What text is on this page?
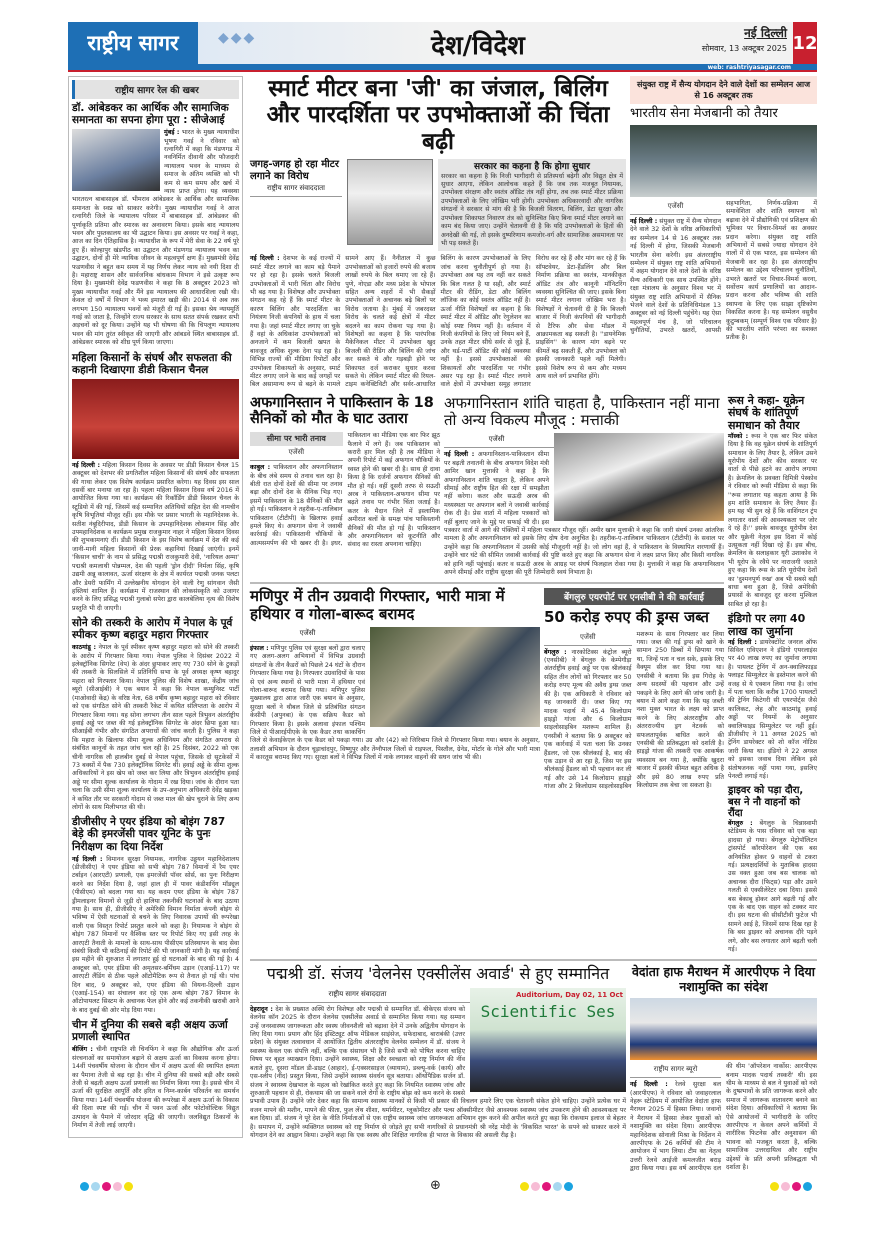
राष्ट्रीय सागर	◆◆◆	देश/विदेश	नई दिल्ली
सोमवार, 13 अक्टूबर 2025 12
web: rashtriyasagar.com
राष्ट्रीय सागर रेल की खबर
डॉ. आंबेडकर का आर्थिक और सामाजिक समानता का सपना होगा पूरा : सीजेआई
मुंबई : भारत के मुख्य न्यायाधीश भूषण गवई ने रविवार को रत्नागिरी में कहा कि मंडणगड में नवनिर्मित दीवानी और फौजदारी न्यायालय भवन के माध्यम से समाज के अंतिम व्यक्ति को भी कम से कम समय और खर्च में न्याय प्राप्त होगा। यह व्यवस्था भारतरत्न बाबासाहब डॉ. भीमराव आंबेडकर के आर्थिक और सामाजिक समानता के स्वप्न को साकार करेगी। मुख्य न्यायाधीश गवई ने आज रत्नागिरी जिले के न्यायालय परिसर में बाबासाहब डॉ. आंबेडकर की पूर्णाकृति प्रतिमा और स्मारक का अनावरण किया। इसके बाद न्यायालय भवन और पुस्तकालय का भी उद्घाटन किया। इस अवसर पर गवई ने कहा, आज का दिन ऐतिहासिक है। न्यायाधीश के रूप में मेरी सेवा के 22 वर्ष पूरे हुए हैं। कोल्हापुर खंडपीठ का उद्घाटन और मंडणगड न्यायालय भवन का उद्घाटन, दोनों ही मेरे न्यायिक जीवन के महत्वपूर्ण क्षण हैं। मुख्यमंत्री देवेंद्र फडणवीस ने बहुत कम समय में यह निर्णय लेकर न्याय को नयी दिशा दी है। महाराष्ट्र शासन और सार्वजनिक बांधकाम विभाग ने इसे उत्कृष्ट रूप दिया है। मुख्यमंत्री देवेंद्र फडणवीस ने कहा कि 8 अक्टूबर 2023 को मुख्य न्यायाधीश गवई और मैंने इस न्यायालय की आधारशिला रखी थी। केवल दो वर्षों में विभाग ने भव्य इमारत खड़ी की। 2014 से अब तक लगभग 150 न्यायालय भवनों को मंजूरी दी गई है। इसका श्रेय न्यायमूर्ति गवई को जाता है, जिन्होंने राज्य सरकार के साथ सतत संपर्क रखकर सभी अड़चनों को दूर किया। उन्होंने यह भी घोषणा की कि चिपलूण न्यायालय भवन की मांग तुरंत स्वीकृत की जाएगी और आंबडवे स्थित बाबासाहब डॉ. आंबेडकर स्मारक को शीघ्र पूर्ण किया जाएगा।
महिला किसानों के संघर्ष और सफलता की कहानी दिखाएगा डीडी किसान चैनल
नई दिल्ली : महिला किसान दिवस के अवसर पर डीडी किसान चैनल 15 अक्टूबर को देशभर की प्रगतिशील महिला किसानों की संघर्ष और सफलता की गाथा लेकर एक विशेष कार्यक्रम प्रसारित करेगा। यह दिवस इस साल दसवीं बार मनाया जा रहा है। पहला महिला किसान दिवस वर्ष 2016 में आयोजित किया गया था। कार्यक्रम की रिकॉर्डिंग डीडी किसान चैनल के स्टूडियो में की गई, जिसमें कई सम्मानित अतिथियों सहित देश की नामचीन कृषि विभूतियां मौजूद रहीं। इस मौके पर प्रसार भारती के महानिदेशक के. सतीश नंबूदिरीपाद, डीडी किसान के उपमहानिदेशक लोकमान सिंह और उपमहानिदेशक व कार्यक्रम प्रमुख राजकुमार नाहर ने महिला किसान दिवस की शुभकामनाएं दीं। डीडी किसान के इस विशेष कार्यक्रम में देश की कई जानी-मानी महिला किसानों की प्रेरक कहानियां दिखाई जाएंगी। इनमें 'किसान चाची' के नाम से प्रसिद्ध पद्मश्री राजकुमारी देवी, 'नारियल अम्मा' पद्मश्री कमलाथी पोन्नम्मल, देश की पहली 'ड्रोन दीदी' निर्मला सिंह, कृषि उद्यमी अन्नू कालावत, ऊर्जा संरक्षण के क्षेत्र में कार्यरत पद्मश्री जनक पलटा और डेयरी फार्मिंग में उल्लेखनीय योगदान देने वाली रेणु सांगवान जैसी हस्तियां शामिल हैं। कार्यक्रम में राजस्थान की लोकसंस्कृति को उजागर करने के लिए प्रसिद्ध पद्मश्री गुलाबो सपेरा द्वारा कालबेलिया नृत्य की विशेष प्रस्तुति भी दी जाएगी।
सोने की तस्करी के आरोप में नेपाल के पूर्व स्पीकर कृष्ण बहादुर महारा गिरफ्तार
काठमांडू : नेपाल के पूर्व स्पीकर कृष्ण बहादुर महारा को सोने की तस्करी के आरोप में गिरफ्तार किया गया। नेपाल पुलिस ने दिसंबर 2022 में इलेक्ट्रॉनिक सिगरेट (वेप) के अंदर छुपाकर लाए गए 730 सोने के टुकड़ों की तस्करी के सिलसिले में प्रतिनिधि सभा के पूर्व अध्यक्ष कृष्ण बहादुर महारा को गिरफ्तार किया। नेपाल पुलिस की विशेष शाखा, केंद्रीय जांच ब्यूरो (सीआईबी) ने एक बयान में कहा कि नेपाल कम्युनिस्ट पार्टी (माओवादी केंद्र) के वरिष्ठ नेता, 68 वर्षीय कृष्ण बहादुर महारा को रविवार को एक संगठित सोने की तस्करी रैकेट में कथित संलिप्तता के आरोप में गिरफ्तार किया गया। यह सोना लगभग तीन साल पहले त्रिभुवन अंतर्राष्ट्रीय हवाई अड्डे पर जब्त की गई इलेक्ट्रॉनिक सिगरेट के अंदर छिपा हुआ था। सीआईबी गंभीर और संगठित अपराधों की जांच करती है। पुलिस ने कहा कि महारा के खिलाफ सीमा शुल्क अधिनियम और संगठित अपराध से संबंधित कानूनों के तहत जांच चल रही है। 25 दिसंबर, 2022 को एक चीनी नागरिक लौ हालबीन दुबई से नेपाल पहुंचा, जिसके दो सूटकेसों में 73 बक्सों में पैक 730 इलेक्ट्रॉनिक सिगरेट थीं। हवाई अड्डे के सीमा शुल्क अधिकारियों ने इस खेप को जब्त कर लिया और त्रिभुवन अंतर्राष्ट्रीय हवाई अड्डे पर सीमा शुल्क कार्यालय के गोदाम में रख दिया। जांच के दौरान पता चला कि उसी सीमा शुल्क कार्यालय के उप-अनुभाग अधिकारी देवेंद्र खड़का ने कथित तौर पर सरकारी गोदाम से जब्त माल की खेप चुराने के लिए अन्य लोगों के साथ मिलीभगत की थी।
डीजीसीए ने एयर इंडिया को बोइंग 787 बेड़े की इमरजेंसी पावर यूनिट के पुनः निरीक्षण का दिया निर्देश
नई दिल्ली : विमानन सुरक्षा नियामक, नागरिक उड्डयन महानिदेशालय (डीजीसीए) ने एयर इंडिया को सभी बोइंग 787 विमानों में रैम एयर टर्बाइन (आरएटी) प्रणाली, एक इमरजेंसी पॉवर सोर्स, का पुनः निरीक्षण करने का निर्देश दिया है, जहां हाल ही में पावर कंडीशनिंग मॉड्यूल (पीसीएम) को बदला गया था। यह कदम एयर इंडिया के बोइंग 787 ड्रीमलाइनर विमानों से जुड़ी दो हालिया तकनीकी घटनाओं के बाद उठाया गया है। साथ ही, डीजीसीए ने अमेरिकी विमान निर्माता कंपनी बोइंग से भविष्य में ऐसी घटनाओं से बचने के लिए निवारक उपायों की रूपरेखा वाली एक विस्तृत रिपोर्ट प्रस्तुत करने को कहा है। नियामक ने बोइंग से बोइंग 787 विमानों पर वैश्विक स्तर पर रिपोर्ट किए गए इसी तरह के आरएटी तैनाती के मामलों के साथ-साथ पीसीएम प्रतिस्थापन के बाद सेवा संबंधी किसी भी कठिनाई की रिपोर्ट की भी जानकारी मांगी है। यह कार्रवाई इस महीने की शुरुआत में लगातार हुई दो घटनाओं के बाद की गई है। 4 अक्टूबर को, एयर इंडिया की अमृतसर-बर्मिंघम उड़ान (एआई-117) पर आरएटी लैंडिंग से ठीक पहले ऑटोमैटिक रूप से तैनात हो गई थी। पांच दिन बाद, 9 अक्टूबर को, एयर इंडिया की वियना-दिल्ली उड़ान (एआई-154) का संचालन कर रहे एक अन्य बोइंग 787 विमान के ऑटोपायलट सिस्टम के अचानक फेल होने और कई तकनीकी खराबी आने के बाद दुबई की ओर मोड़ दिया गया।
चीन में दुनिया की सबसे बड़ी अक्षय ऊर्जा प्रणाली स्थापित
बीजिंग : चीनी राष्ट्रपति शी चिनफिंग ने कहा कि औद्योगिक और ऊर्जा संरचनाओं का समायोजन बढ़ाने से अक्षय ऊर्जा का विकास करना होगा। 14वीं पंचवर्षीय योजना के दौरान चीन में अक्षय ऊर्जा की स्थापित क्षमता का पैमाना तेजी से बढ़ रहा है। चीन में दुनिया की सबसे बड़ी और सबसे तेजी से बढ़ती अक्षय ऊर्जा प्रणाली का निर्माण किया गया है। इससे चीन में ऊर्जा की सुरक्षित आपूर्ति और हरित व निम्न-कार्बन परिवर्तन का समर्थन किया गया। 14वीं पंचवर्षीय योजना की रूपरेखा में अक्षय ऊर्जा के विकास की दिशा स्पष्ट की गई। चीन में पवन ऊर्जा और फोटोवोल्टिक विद्युत उत्पादन के पैमाने में जोरदार वृद्धि की जाएगी। जलविद्युत ठिकानों के निर्माण में तेजी लाई जाएगी।
स्मार्ट मीटर बना 'जी' का जंजाल, बिलिंग और पारदर्शिता पर उपभोक्ताओं की चिंता बढ़ी
जगह-जगह हो रहा मीटर लगाने का विरोध
राष्ट्रीय सागर संवाददाता
सरकार का कहना है कि होगा सुधार
सरकार का कहना है कि निजी भागीदारी से प्रतिस्पर्धा बढ़ेगी और विद्युत क्षेत्र में सुधार आएगा, लेकिन आलोचक कहते हैं कि जब तक मजबूत नियामक, उपभोक्ता संरक्षण और स्वतंत्र ऑडिट तंत्र नहीं होगा, तब तक स्मार्ट मीटर प्रक्रिया उपभोक्ताओं के लिए जोखिम भरी होगी। उपभोक्ता अधिकारवादी और नागरिक संगठनों ने सरकार से मांग की है कि बिजली वितरण, बिलिंग, डेटा सुरक्षा और उपभोक्ता शिकायत निवारण तंत्र को सुनिश्चित किए बिना स्मार्ट मीटर लगाने का काम बंद किया जाए। उन्होंने चेतावनी दी है कि यदि उपभोक्ताओं के हितों की अनदेखी की गई, तो इसके दुष्परिणाम कमजोर-वर्ग और सामाजिक असमानता पर भी पड़ सकते हैं।
नई दिल्ली : देशभर के कई राज्यों में स्मार्ट मीटर लगाने का काम बड़े पैमाने पर हो रहा है। इसके चलते बिजली उपभोक्ताओं में भारी चिंता और विरोध भी बढ़ गया है। विशेषज्ञ और उपभोक्ता संगठन कह रहे हैं कि स्मार्ट मीटर के कारण बिलिंग और पारदर्शिता का नियंत्रण निजी कंपनियों के हाथ में चला गया है। जहां स्मार्ट मीटर लगाए जा चुके हैं वहां के अधिकांश उपभोक्ताओं को अनजाने में कम बिजली खपत के बावजूद अधिक शुल्क देना पड़ रहा है। विभिन्न राज्यों की मीडिया रिपोर्टों और उपभोक्ता शिकायतों के अनुसार, स्मार्ट मीटर लगाए जाने के बाद कई जगहों पर बिल असामान्य रूप से बढ़ने के मामले सामने आए हैं। नैनीताल में कुछ उपभोक्ताओं को हजारों रुपये की बजाय लाखों रुपये के बिल थमाए जा रहे हैं। पुणे, नोएडा और मध्य प्रदेश के भोपाल सहित अन्य शहरों में भी सैकड़ों उपभोक्ताओं ने अचानक बढ़े बिलों पर विरोध जताया है। मुंबई में जबरदस्त विरोध के चलते कई क्षेत्रों में मीटर बदलने का काम रोकना पड़ गया है। विशेषज्ञों का कहना है कि पारंपरिक मैकेनिकल मीटर में उपभोक्ता खुद बिजली की रीडिंग और बिलिंग की जांच कर सकते थे और गड़बड़ी होने पर शिकायत दर्ज कराकर सुधार करवा सकते थे। लेकिन स्मार्ट मीटर की रियल-टाइम कनेक्टिविटी और सर्वर-आधारित बिलिंग के कारण उपभोक्ताओं के लिए जांच करना चुनौतीपूर्ण हो गया है। उपभोक्ता अब यह तय नहीं कर सकते कि बिल गलत है या सही, और स्मार्ट मीटर की रीडिंग, डेटा और बिलिंग लॉजिक का कोई स्वतंत्र ऑडिट नहीं है। ऊर्जा नीति विशेषज्ञों का कहना है कि स्मार्ट मीटर में ऑडिट और रेगुलेशन का कोई स्पष्ट नियम नहीं है। वर्तमान में निजी कंपनियों के लिए जो नियम बने हैं, उनके तहत मीटर सीधे सर्वर से जुड़े हैं, और थर्ड-पार्टी ऑडिट की कोई व्यवस्था नहीं है। इससे उपभोक्ताओं की शिकायतों और पारदर्शिता पर गंभीर असर पड़ रहा है। स्मार्ट मीटर लगाने वाले क्षेत्रों में उपभोक्ता समूह लगातार विरोध कर रहे हैं और मांग कर रहे हैं कि सॉफ्टवेयर, डेटा-हैंडलिंग और बिल निर्माण प्रक्रिया का स्वतंत्र, मानकीकृत ऑडिट तंत्र और कानूनी मॉनिटरिंग व्यवस्था सुनिश्चित की जाए। इसके बिना स्मार्ट मीटर लगाना जोखिम भरा है। विशेषज्ञों ने चेतावनी दी है कि बिजली बाजार में निजी कंपनियों की भागीदारी से टैरिफ और सेवा मॉडल में आक्रामकता बढ़ सकती है। ''डायनेमिक प्राइसिंग'' के कारण मांग बढ़ने पर कीमतें बढ़ सकती हैं, और उपभोक्ता को इसकी जानकारी पहले नहीं मिलेगी। इससे विशेष रूप से कम और मध्यम आय वाले वर्ग प्रभावित होंगे।
संयुक्त राष्ट्र में सैन्य योगदान देने वाले देशों का सम्मेलन आज से 16 अक्टूबर तक
भारतीय सेना मेजबानी को तैयार
एजेंसी
नई दिल्ली : संयुक्त राष्ट्र में सैन्य योगदान देने वाले 32 देशों के वरिष्ठ अधिकारियों का सम्मेलन 14 से 16 अक्टूबर तक नई दिल्ली में होगा, जिसकी मेजबानी भारतीय सेना करेगी। इस अंतरराष्ट्रीय सम्मेलन में संयुक्त राष्ट्र शांति अभियानों में अहम योगदान देने वाले देशों के वरिष्ठ सैन्य अधिकारी एक साथ उपस्थित होंगे। रक्षा मंत्रालय के अनुसार विश्व भर में संयुक्त राष्ट्र शांति अभियानों में सैनिक भेजने वाले देशों के प्रतिनिधिमंडल 13 अक्टूबर को नई दिल्ली पहुंचेंगे। यह ऐसा महत्वपूर्ण मंच है, जो परिचालन चुनौतियों, उभरते खतरों, आपसी सहभागिता, निर्णय-प्रक्रिया में समावेशिता और शांति स्थापना को बढ़ावा देने में प्रौद्योगिकी एवं प्रशिक्षण की भूमिका पर विचार-विमर्श का अवसर प्रदान करेगा। संयुक्त राष्ट्र शांति अभियानों में सबसे ज्यादा योगदान देने वालों में से एक भारत, इस सम्मेलन की मेजबानी कर रहा है। इस अंतरराष्ट्रीय सम्मेलन का उद्देश्य परिचालन चुनौतियों, उभरते खतरों पर विचार-विमर्श करना, सर्वोत्तम कार्य प्रणालियों का आदान-प्रदान करना और भविष्य की शांति स्थापना के लिए एक साझा दृष्टिकोण विकसित करना है। यह सम्मेलन वसुधैव कुटुम्बकम् (सम्पूर्ण विश्व एक परिवार है) की भारतीय शांति परंपरा का सशक्त प्रतीक है।
अफगानिस्तान ने पाकिस्तान के 18 सैनिकों को मौत के घाट उतारा
सीमा पर भारी तनाव
एजेंसी
काबुल : पाकिस्तान और अफगानिस्तान के बीच लंबे समय से तनाव चल रहा है। बीती रात दोनों देशों की सीमा पर तनाव बढ़ा और दोनों देश के सैनिक भिड़ गए। इसमें पाकिस्तान के 18 सैनिकों की मौत हो गई। पाकिस्तान ने तहरीक-ए-तालिबान पाकिस्तान (टीटीपी) के खिलाफ हवाई हमले किए थे। अफगान सेना ने जवाबी कार्रवाई की। पाकिस्तानी चौकियों के आत्मसमर्पण की भी खबर दी है। इधर, पाकिस्तान का मीडिया एक बार फिर झूठ फैलाने में लगे हैं। जब पाकिस्तान को करारी हार मिल रही है तब मीडिया ने अपनी रिपोर्ट में कई अफगान चौकियों के ध्वस्त होने की खबर दी है। साथ ही दावा किया है कि दर्जनों अफगान सैनिकों की मौत हो गई। वहीं दूसरी तरफ से सऊदी अरब ने पाकिस्तान-अफगान सीमा पर बढ़ते तनाव पर गंभीर चिंता जताई है। कतर के मैदान जिले में इस्लामिक अमीरात बलों के समक्ष पांच पाकिस्तानी सैनिकों की मौत हो गई है। पाकिस्तान और अफगानिस्तान को कूटनीति और संवाद का रास्ता अपनाना चाहिए।
अफगानिस्तान शांति चाहता है, पाकिस्तान नहीं माना तो अन्य विकल्प मौजूद : मत्ताकी
एजेंसी
नई दिल्ली : अफगानिस्तान-पाकिस्तान सीमा पर बढ़ती तनातनी के बीच अफगान विदेश मंत्री आमिर खान मुत्ताकी ने कहा है कि अफगानिस्तान शांति चाहता है, लेकिन अपने सीमाई और राष्ट्रीय हित की रक्षा में समझौता नहीं करेगा। कतर और सऊदी अरब की मध्यस्थता पर अफगान बलों ने जवाबी कार्रवाई रोक दी है। प्रेस वार्ता में महिला पत्रकारों को नहीं बुलाए जाने के मुद्दे पर सफाई भी दी। इस पत्रकार वार्ता में आगे की पंक्तियों में महिला पत्रकार मौजूद रहीं। अमीर खान मुत्ताकी ने कहा कि जारी संघर्ष उनका आंतरिक मामला है और अफगानिस्तान को इसके लिए दोष देना अनुचित है। तहरीक-ए-तालिबान पाकिस्तान (टीटीपी) के सवाल पर उन्होंने कहा कि अफगानिस्तान में उसकी कोई मौजूदगी नहीं है। जो लोग वहां हैं, वे पाकिस्तान के विस्थापित शरणार्थी हैं। उन्होंने चार घंटे की सीमित जवाबी कार्रवाई की पुष्टि करते हुए कहा कि अफगान सेना ने लक्ष्य प्राप्त किए और किसी नागरिक को हानि नहीं पहुंचाई। कतर व सऊदी अरब के आग्रह पर संघर्ष फिलहाल रोका गया है। मुत्ताकी ने कहा कि अफगानिस्तान अपने सीमाई और राष्ट्रीय सुरक्षा की पूरी जिम्मेदारी स्वयं निभाता है।
मणिपुर में तीन उग्रवादी गिरफ्तार, भारी मात्रा में हथियार व गोला-बारूद बरामद
एजेंसी
इंफाल : मणिपुर पुलिस एवं सुरक्षा बलों द्वारा चलाए गए अलग-अलग अभियानों में विभिन्न उग्रवादी संगठनों के तीन कैडरों को पिछले 24 घंटों के दौरान गिरफ्तार किया गया है। गिरफ्तार उग्रवादियों के पास से एवं अन्य स्थानों से भारी मात्रा में हथियार एवं गोला-बारूद बरामद किया गया। मणिपुर पुलिस मुख्यालय द्वारा आज जारी एक बयान के अनुसार, सुरक्षा बलों ने थौबल जिले से प्रतिबंधित संगठन केसीपी (अपुनबा) के एक सक्रिय कैडर को गिरफ्तार किया है। इसके अलावा इंफाल पश्चिम जिले से पीआरईपीएके के एक कैडर तथा काकचिंग जिले से केवाईकेएल के एक कैडर को पकड़ा गया। उग्र और (42) को जिरिबाम जिले से गिरफ्तार किया गया। बयान के अनुसार, तलाशी अभियान के दौरान चूड़ाचांदपुर, विष्णुपुर और तेंग्नौपाल जिलों से राइफल, पिस्तौल, ग्रेनेड, मोर्टार के गोले और भारी मात्रा में कारतूस बरामद किए गए। सुरक्षा बलों ने विभिन्न जिलों में नाके लगाकर वाहनों की सघन जांच भी की।
बेंगलुरु एयरपोर्ट पर एनसीबी ने की कार्रवाई
50 करोड़ रुपए की ड्रग्स जब्त
एजेंसी
बेंगलुरु : नारकोटिक्स कंट्रोल ब्यूरो (एनसीबी) ने बेंगलुरु के केम्पेगौड़ा अंतर्राष्ट्रीय हवाई अड्डे पर एक श्रीलंकाई सहित तीन लोगों को गिरफ्तार कर 50 करोड़ रुपए मूल्य की अवैध ड्रग्स जब्त की है। एक अधिकारी ने रविवार को यह जानकारी दी। जब्त किए गए मादक पदार्थ में 45.4 किलोग्राम हाइड्रो गांजा और 6 किलोग्राम साइलोसाइबिन मशरूम शामिल हैं। एनसीबी ने बताया कि 9 अक्टूबर को एक कार्रवाई में पता चला कि उनका हैंडलर, जो एक श्रीलंकाई है, बाद की एक उड़ान से आ रहा है, जिस पर इस श्रीलंकाई हैंडलर को भी पहचान कर ली गई और उसे 14 किलोग्राम हाइड्रो गांजा और 2 किलोग्राम साइलोसाइबिन मशरूम के साथ गिरफ्तार कर लिया गया। जब्त की गई ड्रग्स को खाने के सामान 250 डिब्बों में छिपाया गया था, जिन्हें पता न चल सके, इसके लिए वैक्यूम सील कर दिया गया था। एनसीबी ने बताया कि इस गिरोह के अन्य सदस्यों की पहचान और उन्हें पकड़ने के लिए आगे की जांच जारी है। बयान में आगे कहा गया कि यह जब्ती नशा मुक्त भारत के लक्ष्य को प्राप्त करने के लिए अंतरराष्ट्रीय और अंतरराज्यीय ड्रग नेटवर्क को सफलतापूर्वक बाधित करने की एनसीबी की प्रतिबद्धता को दर्शाती है। हाइड्रो गांजा की तस्करी एक आकर्षक व्यवसाय बन गया है, क्योंकि खुदरा बाजार में इसकी कीमत बहुत अधिक है और इसे 80 लाख रुपए प्रति किलोग्राम तक बेचा जा सकता है।
रूस ने कहा- यूक्रेन संघर्ष के शांतिपूर्ण समाधान को तैयार
मॉस्को : रूस ने एक बार फिर संकेत दिया है कि वह यूक्रेन संघर्ष के शांतिपूर्ण समाधान के लिए तैयार है, लेकिन उसने यूरोपीय देशों और कीव सरकार पर वार्ता से पीछे हटने का आरोप लगाया है। क्रेमलिन के प्रवक्ता दिमित्री पेस्कोव ने रविवार को रूसी मीडिया से कहा कि ''रूस लगातार यह कहता आया है कि हम शांति समाधान के लिए तैयार हैं। हम यह भी सुन रहे हैं कि वाशिंगटन ट्रंप लगातार वार्ता की आवश्यकता पर जोर दे रहे हैं।'' इसके बावजूद यूरोपीय देश और यूक्रेनी नेतृत्व इस दिशा में कोई उत्सुकता नहीं दिखा रहे हैं। इस बीच, क्रेमलिन के सलाहकार यूरी उशाकोव ने भी यूरोप के रवैये पर नाराजगी जताते हुए कहा कि रूस के प्रति यूरोपीय देशों का 'दुश्मनपूर्ण रुख' अब भी सबसे बड़ी बाधा बना हुआ है, जिसे अमेरिकी प्रयासों के बावजूद दूर करना मुश्किल साबित हो रहा है।
इंडिगो पर लगा 40 लाख का जुर्माना
नई दिल्ली : डायरेक्टोरेट जनरल ऑफ सिविल एविएशन ने इंडिगो एयरलाइंस पर 40 लाख रुपए का जुर्माना लगाया है। पायलट ट्रेनिंग में अन-क्वालिफाइड फ्लाइट सिम्युलेटर के इस्तेमाल करने की वजह से ये एक्शन लिया गया है। जांच में पता चला कि करीब 1700 पायलटों की ट्रेनिंग किटेगरी सी एयरपोर्ट्स जैसे कालिकट, लेह और काठमांडू हवाई अड्डों पर नियमों के अनुसार क्वालिफाइड सिम्युलेटर पर नहीं हुई। डीजीसीए ने 11 अगस्त 2025 को ट्रेनिंग डायरेक्टर को शो कॉज नोटिस जारी किया था। इंडिगो ने 22 अगस्त को इसका जवाब दिया लेकिन इसे संतोषजनक नहीं पाया गया, इसलिए पेनल्टी लगाई गई।
ड्राइवर को पड़ा दौरा, बस ने नौ वाहनों को रौंदा
बेंगलुरु : बेंगलुरु के चिन्नास्वामी स्टेडियम के पास रविवार को एक बड़ा हादसा हो गया। बेंगलुरु मेट्रोपॉलिटन ट्रांसपोर्ट कॉरपोरेशन की एक बस अनियंत्रित होकर 9 वाहनों से टकरा गई। प्रत्यक्षदर्शियों के मुताबिक हादसा उस वक्त हुआ जब बस चालक को अचानक दौरा (फिट्स) पड़ा और उसने गलती से एक्सीलेरेटर दबा दिया। इससे बस बेकाबू होकर आगे बढ़ती गई और एक के बाद एक वाहन को टक्कर मार दी। इस घटना की सीसीटीवी फुटेज भी सामने आई है, जिसमें साफ दिख रहा है कि बस ड्राइवर को अचानक दौरे पड़ने लगे, और बस लगातार आगे बढ़ती चली गई।
पद्मश्री डॉ. संजय 'वेलनेस एक्सीलेंस अवार्ड' से हुए सम्मानित
Auditorium, Day 02, 11 Oct
Scientific Ses
राष्ट्रीय सागर संवाददाता
देहरादून : देश के प्रख्यात अस्थि रोग विशेषज्ञ और पद्मश्री से सम्मानित डॉ. बीकेएस संजय को वेलनेस कॉन 2025 के दौरान वेलनेस एक्सीलेंस अवार्ड से सम्मानित किया गया। यह सम्मान उन्हें जनस्वास्थ्य जागरूकता और स्वस्थ जीवनशैली को बढ़ावा देने में उनके अद्वितीय योगदान के लिए दिया गया। प्रयाग और हिंद इंस्टिट्यूट ऑफ मेडिकल साइंसेज, सफेदाबाद, बाराबंकी (उत्तर प्रदेश) के संयुक्त तत्वावधान में आयोजित द्वितीय अंतरराष्ट्रीय वेलनेस सम्मेलन में डॉ. संजय ने स्वास्थ्य केवल एक संपत्ति नहीं, बल्कि एक संसाधन भी है जिसे सभी को पोषित करना चाहिए विषय पर बृहत व्याख्यान दिया। उन्होंने स्वास्थ्य, शिक्षा और स्वच्छता को राष्ट्र निर्माण की नींव बताते हुए, दूसरा मॉडल डी-डाइट (आहार), ई-एक्सरसाइज (व्यायाम), डब्ल्यू-वर्क (कार्य) और एस-स्लीप (नींद) प्रस्तुत किया, जिसे उन्होंने स्वास्थ्य संवर्धन सूत्र बताया। ऑर्थोपैडिक सर्जन डॉ. संजय ने स्वास्थ्य देखभाल के महत्व को रेखांकित करते हुए कहा कि नियमित स्वास्थ्य जांच और शुरुआती पहचान से ही, रोकथाम की जा सकने वाले रोगों के राष्ट्रीय बोझ को कम करने के सबसे प्रभावी उपाय हैं। उन्होंने जोर देकर कहा कि सामान्य स्वास्थ्य मानकों से किसी भी प्रकार की विचलन हमारे लिए एक चेतावनी संकेत होने चाहिए। उन्होंने प्रत्येक घर में वजन मापने की मशीन, मापने की फीता, फुल लेंथ शीशा, थर्मामीटर, ग्लूकोमीटर और पल्स ऑक्सीमीटर जैसे आवश्यक स्वास्थ्य जांच उपकरण होने की आवश्यकता पर बल दिया। डॉ. संजय ने पूरे देश के नीति निर्माताओं से एक राष्ट्रीय स्वास्थ्य जांच जागरूकता अभियान शुरू करने की अपील करते हुए कहा कि रोकथाम इलाज से बेहतर है। समापन में, उन्होंने व्यक्तिगत स्वास्थ्य को राष्ट्र निर्माण से जोड़ते हुए सभी नागरिकों से प्रधानमंत्री श्री नरेंद्र मोदी के 'विकसित भारत' के सपने को साकार करने में योगदान देने का आह्वान किया। उन्होंने कहा कि एक स्वस्थ और शिक्षित नागरिक ही भारत के विकास की असली रीढ़ है।
वेदांता हाफ मैराथन में आरपीएफ ने दिया नशामुक्ति का संदेश
राष्ट्रीय सागर ब्यूरो
नई दिल्ली : रेलवे सुरक्षा बल (आरपीएफ) ने रविवार को जवाहरलाल नेहरू स्टेडियम में आयोजित वेदांता हाफ मैराथन 2025 में हिस्सा लिया। जवानों ने मैराथन में हिस्सा लेकर युवाओं को नशामुक्ति का संदेश दिया। आरपीएफ महानिदेशक सोनाली मिश्रा के निर्देशन में आरपीएफ के 26 कर्मियों की टीम ने आयोजन में भाग लिया। टीम का नेतृत्व उत्तरी रेलवे आईजी कमलजीत बराड़ द्वारा किया गया। इस वर्ष आरपीएफ दल की थीम 'ऑपरेशन नार्कोस: आरपीएफ बनाम मादक पदार्थ तस्करी' थी। इस थीम के माध्यम से बल ने युवाओं को नशे के दुष्प्रभावों के प्रति जागरूक करने और समाज में जागरूक वातावरण बनाने का संदेश दिया। अधिकारियों ने बताया कि ऐसे आयोजनों में भागीदारी के जरिए आरपीएफ न केवल अपने कर्मियों में शारीरिक फिटनेस और अनुशासन की भावना को मजबूत करता है, बल्कि सामाजिक उत्तरदायित्व और राष्ट्रीय उद्देश्यों के प्रति अपनी प्रतिबद्धता भी दर्शाता है।
⊕
